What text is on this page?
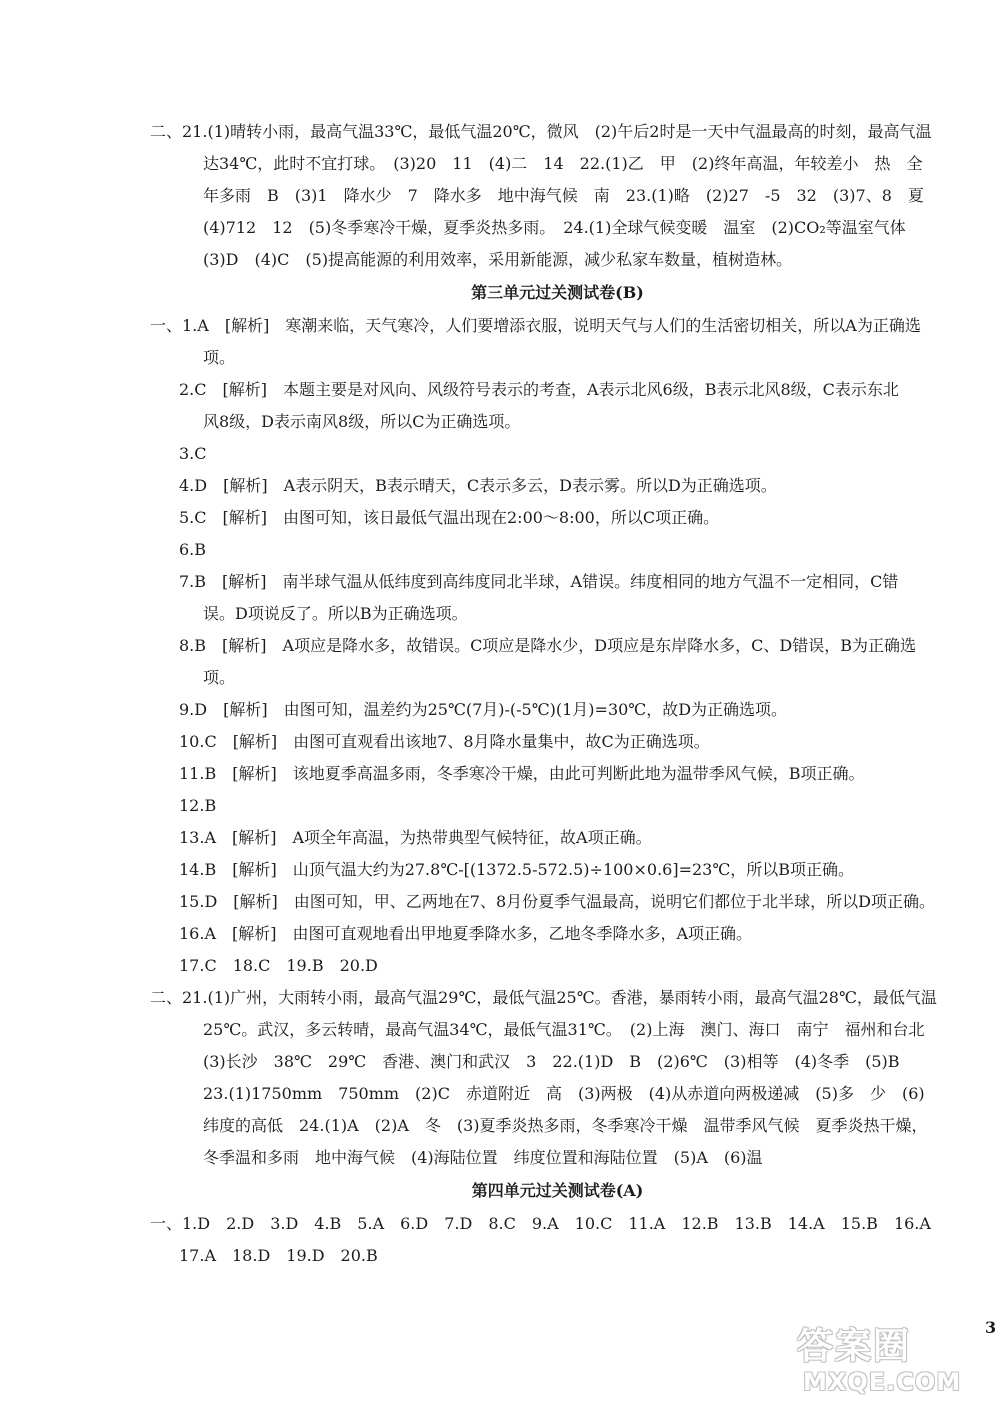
二、21.(1)晴转小雨，最高气温33℃，最低气温20℃，微风　(2)午后2时是一天中气温最高的时刻，最高气温
达34℃，此时不宜打球。　(3)20　11　(4)二　14　22.(1)乙　甲　(2)终年高温，年较差小　热　全
年多雨　B　(3)1　降水少　7　降水多　地中海气候　南　23.(1)略　(2)27　-5　32　(3)7、8　夏
(4)712　12　(5)冬季寒冷干燥，夏季炎热多雨。　24.(1)全球气候变暖　温室　(2)CO₂等温室气体
(3)D　(4)C　(5)提高能源的利用效率，采用新能源，减少私家车数量，植树造林。
第三单元过关测试卷(B)
一、1.A　[解析]　寒潮来临，天气寒冷，人们要增添衣服，说明天气与人们的生活密切相关，所以A为正确选
项。
2.C　[解析]　本题主要是对风向、风级符号表示的考查，A表示北风6级，B表示北风8级，C表示东北
风8级，D表示南风8级，所以C为正确选项。
3.C
4.D　[解析]　A表示阴天，B表示晴天，C表示多云，D表示雾。所以D为正确选项。
5.C　[解析]　由图可知，该日最低气温出现在2:00～8:00，所以C项正确。
6.B
7.B　[解析]　南半球气温从低纬度到高纬度同北半球，A错误。纬度相同的地方气温不一定相同，C错
误。D项说反了。所以B为正确选项。
8.B　[解析]　A项应是降水多，故错误。C项应是降水少，D项应是东岸降水多，C、D错误，B为正确选
项。
9.D　[解析]　由图可知，温差约为25℃(7月)-(-5℃)(1月)=30℃，故D为正确选项。
10.C　[解析]　由图可直观看出该地7、8月降水量集中，故C为正确选项。
11.B　[解析]　该地夏季高温多雨，冬季寒冷干燥，由此可判断此地为温带季风气候，B项正确。
12.B
13.A　[解析]　A项全年高温，为热带典型气候特征，故A项正确。
14.B　[解析]　山顶气温大约为27.8℃-[(1372.5-572.5)÷100×0.6]=23℃，所以B项正确。
15.D　[解析]　由图可知，甲、乙两地在7、8月份夏季气温最高，说明它们都位于北半球，所以D项正确。
16.A　[解析]　由图可直观地看出甲地夏季降水多，乙地冬季降水多，A项正确。
17.C　18.C　19.B　20.D
二、21.(1)广州，大雨转小雨，最高气温29℃，最低气温25℃。香港，暴雨转小雨，最高气温28℃，最低气温
25℃。武汉，多云转晴，最高气温34℃，最低气温31℃。　(2)上海　澳门、海口　南宁　福州和台北
(3)长沙　38℃　29℃　香港、澳门和武汉　3　22.(1)D　B　(2)6℃　(3)相等　(4)冬季　(5)B
23.(1)1750mm　750mm　(2)C　赤道附近　高　(3)两极　(4)从赤道向两极递减　(5)多　少　(6)
纬度的高低　24.(1)A　(2)A　冬　(3)夏季炎热多雨，冬季寒冷干燥　温带季风气候　夏季炎热干燥，
冬季温和多雨　地中海气候　(4)海陆位置　纬度位置和海陆位置　(5)A　(6)温
第四单元过关测试卷(A)
一、1.D　2.D　3.D　4.B　5.A　6.D　7.D　8.C　9.A　10.C　11.A　12.B　13.B　14.A　15.B　16.A
17.A　18.D　19.D　20.B
答案圈
MXQE.COM
3
